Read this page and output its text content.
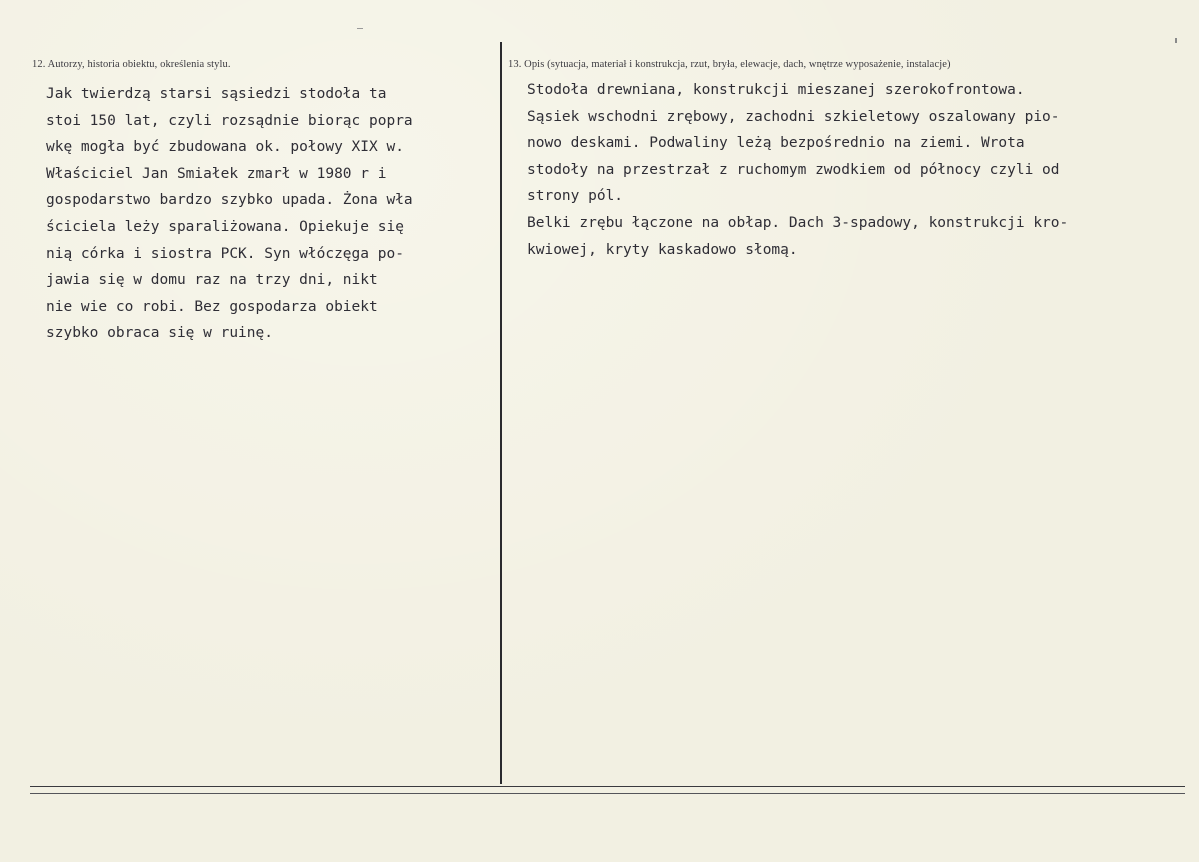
12. Autorzy, historia obiektu, określenia stylu.	13. Opis (sytuacja, materiał i konstrukcja, rzut, bryła, elewacje, dach, wnętrze wyposażenie, instalacje)
Jak twierdzą starsi sąsiedzi stodoła ta
stoi 150 lat, czyli rozsądnie biorąc popra
wkę mogła być zbudowana ok. połowy XIX w.
Właściciel Jan Smiałek zmarł w 1980 r i
gospodarstwo bardzo szybko upada. Żona wła
ściciela leży sparaliżowana. Opiekuje się
nią córka i siostra PCK. Syn włóczęga po-
jawia się w domu raz na trzy dni, nikt
nie wie co robi. Bez gospodarza obiekt
szybko obraca się w ruinę.
Stodoła drewniana, konstrukcji mieszanej szerokofrontowa.
Sąsiek wschodni zrębowy, zachodni szkieletowy oszalowany pio-
nowo deskami. Podwaliny leżą bezpośrednio na ziemi. Wrota
stodoły na przestrzał z ruchomym zwodkiem od północy czyli od
strony pól.
Belki zrębu łączone na obłap. Dach 3-spadowy, konstrukcji kro-
kwiowej, kryty kaskadowo słomą.
